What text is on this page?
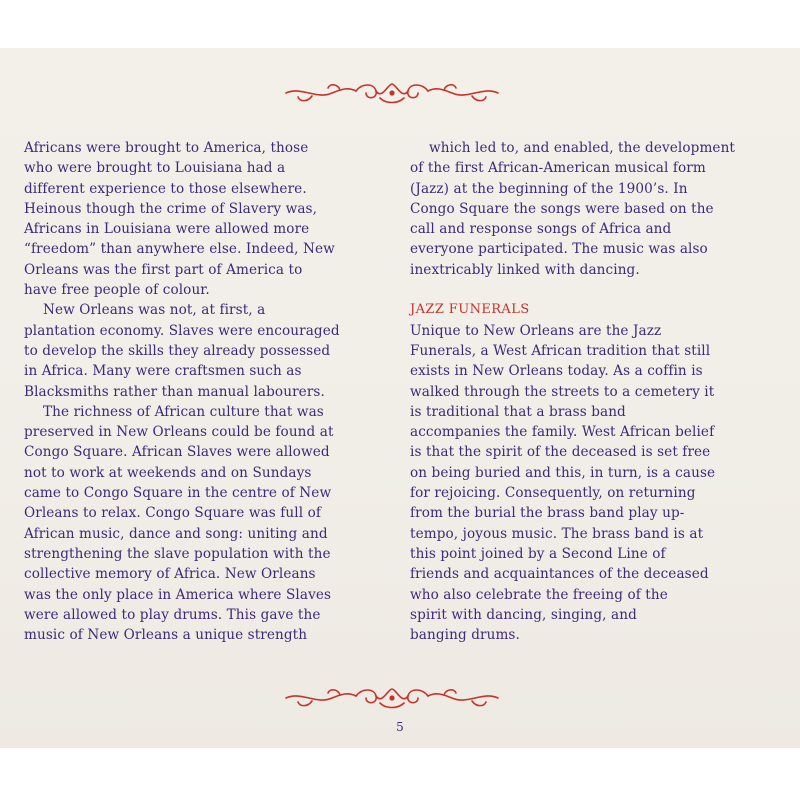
Africans were brought to America, those
who were brought to Louisiana had a
different experience to those elsewhere.
Heinous though the crime of Slavery was,
Africans in Louisiana were allowed more
“freedom” than anywhere else. Indeed, New
Orleans was the first part of America to
have free people of colour.
New Orleans was not, at first, a
plantation economy. Slaves were encouraged
to develop the skills they already possessed
in Africa. Many were craftsmen such as
Blacksmiths rather than manual labourers.
The richness of African culture that was
preserved in New Orleans could be found at
Congo Square. African Slaves were allowed
not to work at weekends and on Sundays
came to Congo Square in the centre of New
Orleans to relax. Congo Square was full of
African music, dance and song: uniting and
strengthening the slave population with the
collective memory of Africa. New Orleans
was the only place in America where Slaves
were allowed to play drums. This gave the
music of New Orleans a unique strength
which led to, and enabled, the development
of the first African-American musical form
(Jazz) at the beginning of the 1900’s. In
Congo Square the songs were based on the
call and response songs of Africa and
everyone participated. The music was also
inextricably linked with dancing.
JAZZ FUNERALS
Unique to New Orleans are the Jazz
Funerals, a West African tradition that still
exists in New Orleans today. As a coffin is
walked through the streets to a cemetery it
is traditional that a brass band
accompanies the family. West African belief
is that the spirit of the deceased is set free
on being buried and this, in turn, is a cause
for rejoicing. Consequently, on returning
from the burial the brass band play up-
tempo, joyous music. The brass band is at
this point joined by a Second Line of
friends and acquaintances of the deceased
who also celebrate the freeing of the
spirit with dancing, singing, and
banging drums.
5
